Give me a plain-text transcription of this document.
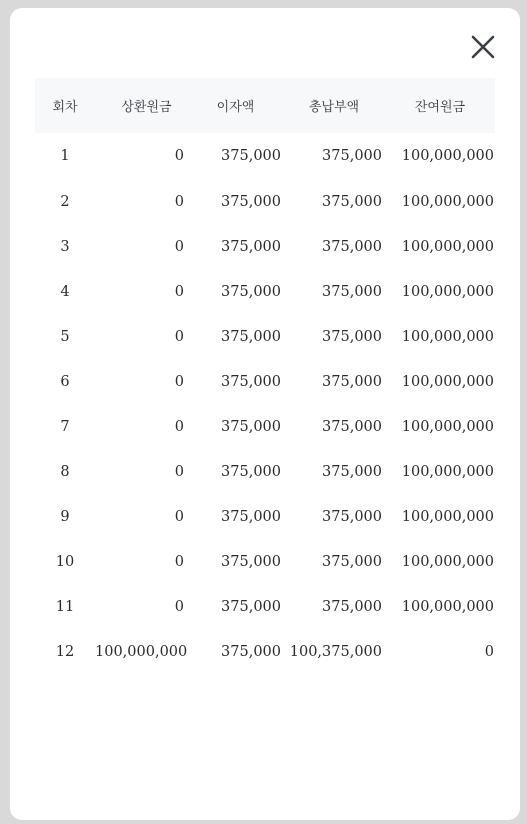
회차	상환원금	이자액	총납부액	잔여원금
1	0	375,000	375,000	100,000,000
2	0	375,000	375,000	100,000,000
3	0	375,000	375,000	100,000,000
4	0	375,000	375,000	100,000,000
5	0	375,000	375,000	100,000,000
6	0	375,000	375,000	100,000,000
7	0	375,000	375,000	100,000,000
8	0	375,000	375,000	100,000,000
9	0	375,000	375,000	100,000,000
10	0	375,000	375,000	100,000,000
11	0	375,000	375,000	100,000,000
12	100,000,000	375,000	100,375,000	0
